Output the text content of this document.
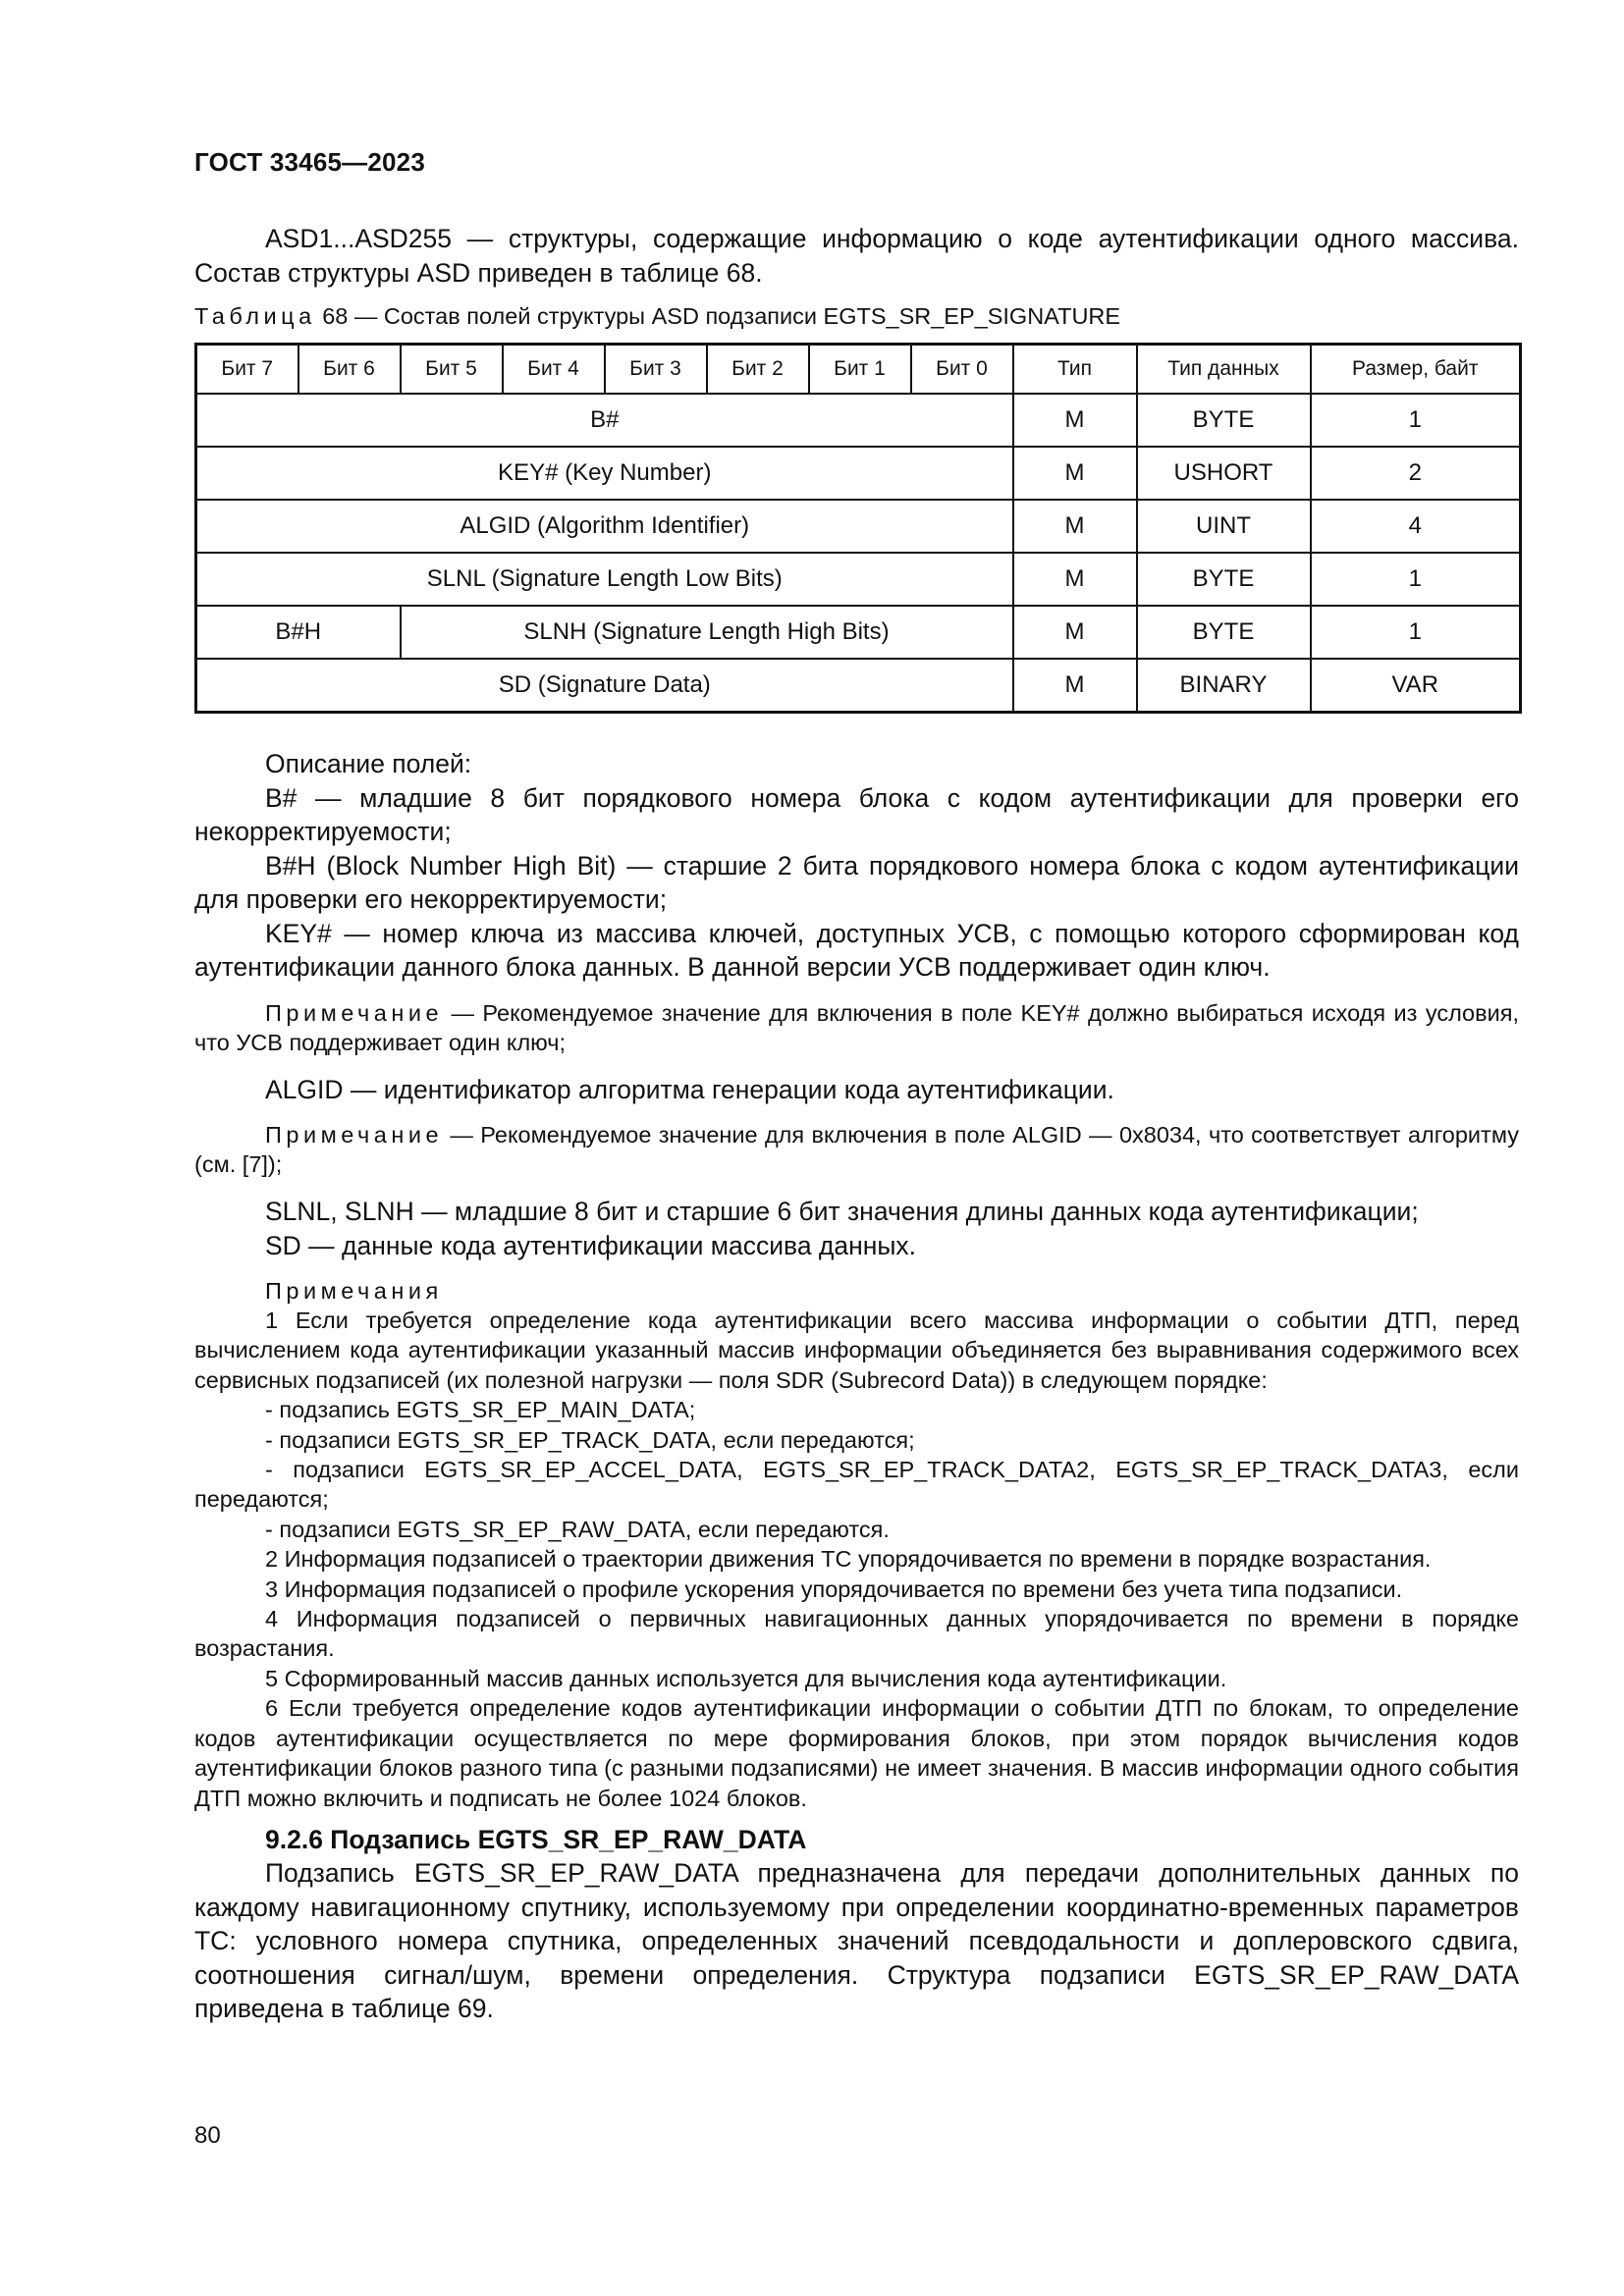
ГОСТ 33465—2023

ASD1...ASD255 — структуры, содержащие информацию о коде аутентификации одного массива. Состав структуры ASD приведен в таблице 68.

Таблица 68 — Состав полей структуры ASD подзаписи EGTS_SR_EP_SIGNATURE
Бит 7	Бит 6	Бит 5	Бит 4	Бит 3	Бит 2	Бит 1	Бит 0	Тип	Тип данных	Размер, байт
B#								M	BYTE	1
KEY# (Key Number)								M	USHORT	2
ALGID (Algorithm Identifier)								M	UINT	4
SLNL (Signature Length Low Bits)								M	BYTE	1
B#H		SLNH (Signature Length High Bits)						M	BYTE	1
SD (Signature Data)								M	BINARY	VAR

Описание полей:

B# — младшие 8 бит порядкового номера блока с кодом аутентификации для проверки его некорректируемости;

B#H (Block Number High Bit) — старшие 2 бита порядкового номера блока с кодом аутентификации для проверки его некорректируемости;

KEY# — номер ключа из массива ключей, доступных УСВ, с помощью которого сформирован код аутентификации данного блока данных. В данной версии УСВ поддерживает один ключ.

Примечание — Рекомендуемое значение для включения в поле KEY# должно выбираться исходя из условия, что УСВ поддерживает один ключ;

ALGID — идентификатор алгоритма генерации кода аутентификации.

Примечание — Рекомендуемое значение для включения в поле ALGID — 0x8034, что соответствует алгоритму (см. [7]);

SLNL, SLNH — младшие 8 бит и старшие 6 бит значения длины данных кода аутентификации;

SD — данные кода аутентификации массива данных.

Примечания

1 Если требуется определение кода аутентификации всего массива информации о событии ДТП, перед вычислением кода аутентификации указанный массив информации объединяется без выравнивания содержимого всех сервисных подзаписей (их полезной нагрузки — поля SDR (Subrecord Data)) в следующем порядке:

- подзапись EGTS_SR_EP_MAIN_DATA;

- подзаписи EGTS_SR_EP_TRACK_DATA, если передаются;

- подзаписи EGTS_SR_EP_ACCEL_DATA, EGTS_SR_EP_TRACK_DATA2, EGTS_SR_EP_TRACK_DATA3, если передаются;

- подзаписи EGTS_SR_EP_RAW_DATA, если передаются.

2 Информация подзаписей о траектории движения ТС упорядочивается по времени в порядке возрастания.

3 Информация подзаписей о профиле ускорения упорядочивается по времени без учета типа подзаписи.

4 Информация подзаписей о первичных навигационных данных упорядочивается по времени в порядке возрастания.

5 Сформированный массив данных используется для вычисления кода аутентификации.

6 Если требуется определение кодов аутентификации информации о событии ДТП по блокам, то определение кодов аутентификации осуществляется по мере формирования блоков, при этом порядок вычисления кодов аутентификации блоков разного типа (с разными подзаписями) не имеет значения. В массив информации одного события ДТП можно включить и подписать не более 1024 блоков.

9.2.6 Подзапись EGTS_SR_EP_RAW_DATA

Подзапись EGTS_SR_EP_RAW_DATA предназначена для передачи дополнительных данных по каждому навигационному спутнику, используемому при определении координатно-временных параметров ТС: условного номера спутника, определенных значений псевдодальности и доплеровского сдвига, соотношения сигнал/шум, времени определения. Структура подзаписи EGTS_SR_EP_RAW_DATA приведена в таблице 69.

80
